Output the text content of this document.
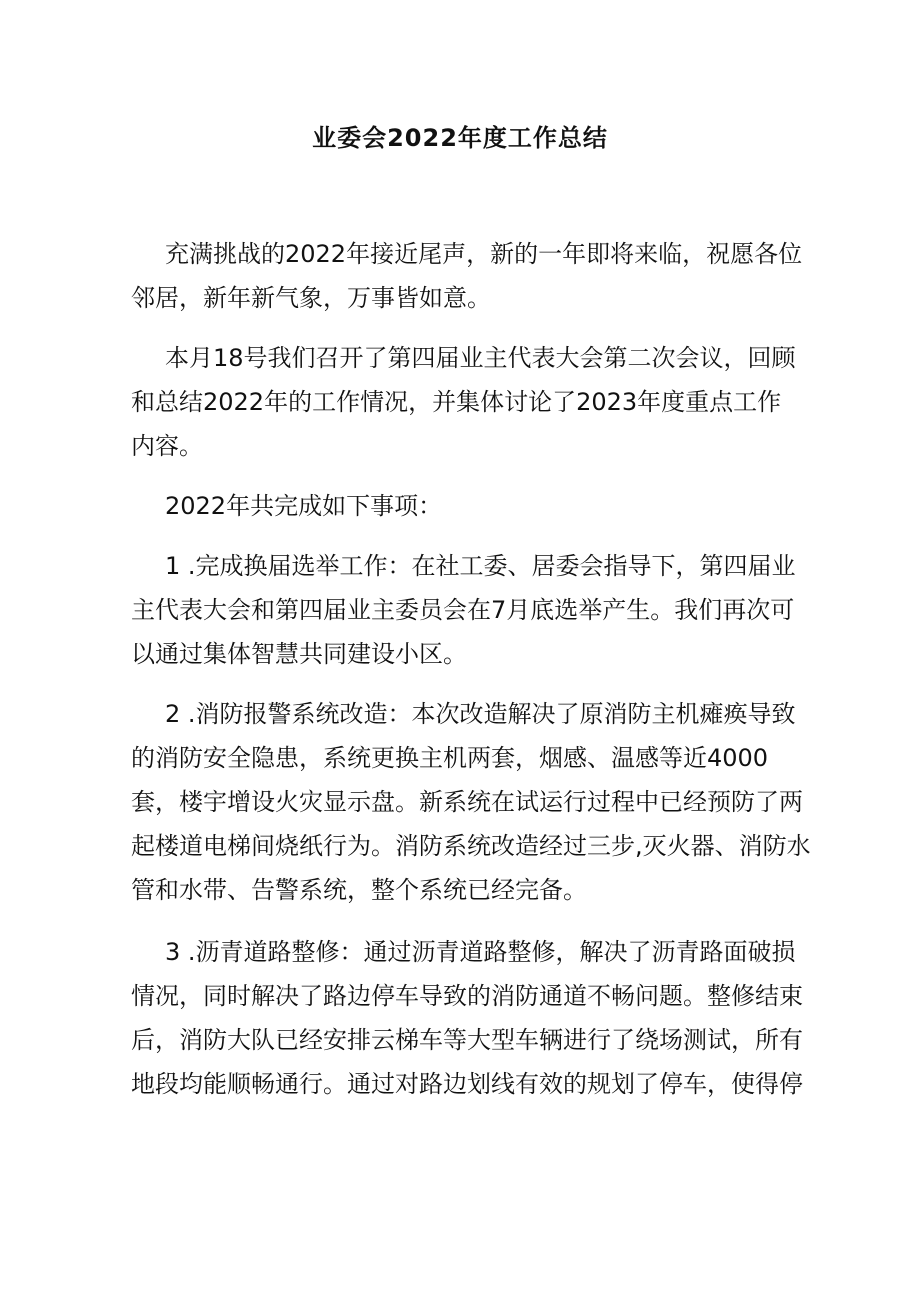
业委会2022年度工作总结
充满挑战的2022年接近尾声，新的一年即将来临，祝愿各位
邻居，新年新气象，万事皆如意。
本月18号我们召开了第四届业主代表大会第二次会议，回顾
和总结2022年的工作情况，并集体讨论了2023年度重点工作
内容。
2022年共完成如下事项：
1 .完成换届选举工作：在社工委、居委会指导下，第四届业
主代表大会和第四届业主委员会在7月底选举产生。我们再次可
以通过集体智慧共同建设小区。
2 .消防报警系统改造：本次改造解决了原消防主机瘫痪导致
的消防安全隐患，系统更换主机两套，烟感、温感等近4000
套，楼宇增设火灾显示盘。新系统在试运行过程中已经预防了两
起楼道电梯间烧纸行为。消防系统改造经过三步,灭火器、消防水
管和水带、告警系统，整个系统已经完备。
3 .沥青道路整修：通过沥青道路整修，解决了沥青路面破损
情况，同时解决了路边停车导致的消防通道不畅问题。整修结束
后，消防大队已经安排云梯车等大型车辆进行了绕场测试，所有
地段均能顺畅通行。通过对路边划线有效的规划了停车，使得停
